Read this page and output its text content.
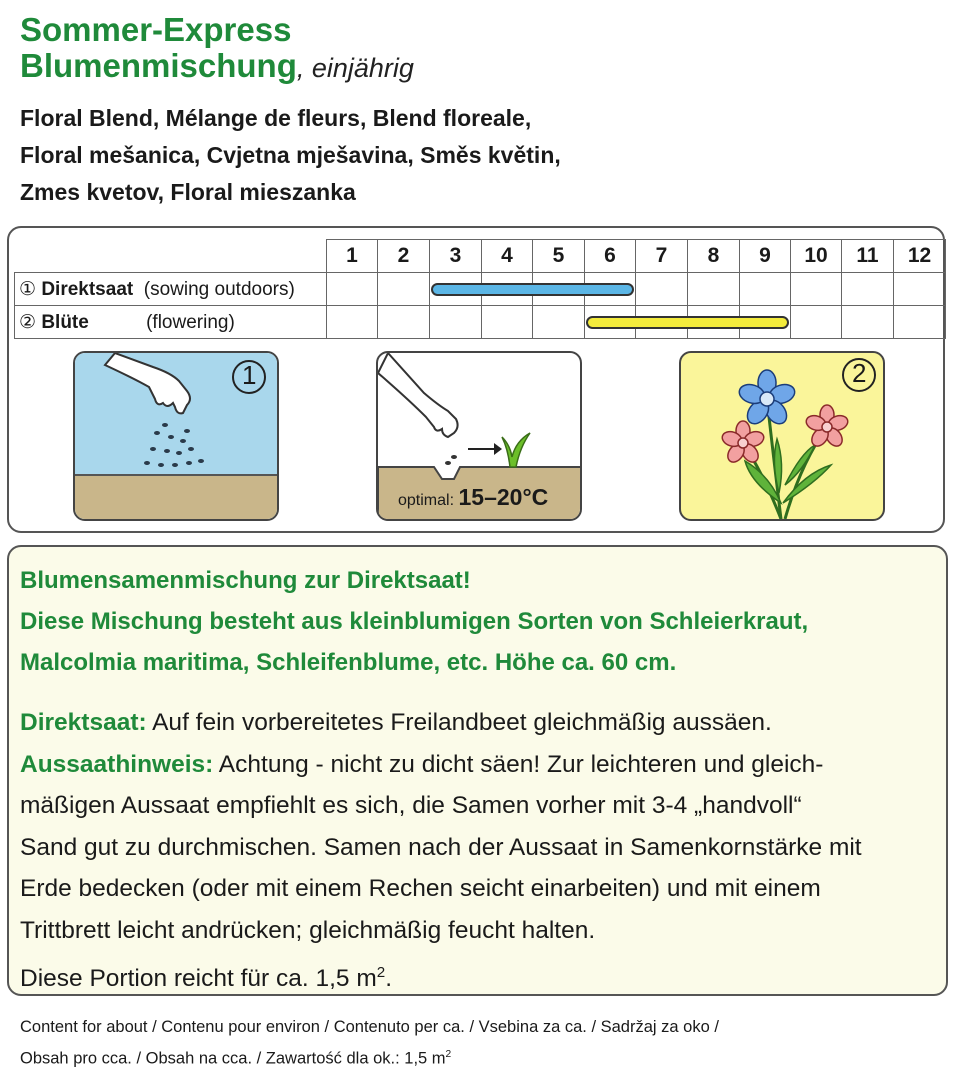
Sommer-Express
Blumenmischung, einjährig
Floral Blend, Mélange de fleurs, Blend floreale,
Floral mešanica, Cvjetna mješavina, Směs květin,
Zmes kvetov, Floral mieszanka
	1	2	3	4	5	6	7	8	9	10	11	12
① Direktsaat (sowing outdoors)												
② Blüte (flowering)												
1
optimal: 15–20°C
2
Blumensamenmischung zur Direktsaat!
Diese Mischung besteht aus kleinblumigen Sorten von Schleierkraut,
Malcolmia maritima, Schleifenblume, etc. Höhe ca. 60 cm.
Direktsaat: Auf fein vorbereitetes Freilandbeet gleichmäßig aussäen.
Aussaathinweis: Achtung - nicht zu dicht säen! Zur leichteren und gleich-
mäßigen Aussaat empfiehlt es sich, die Samen vorher mit 3-4 „handvoll“
Sand gut zu durchmischen. Samen nach der Aussaat in Samenkornstärke mit
Erde bedecken (oder mit einem Rechen seicht einarbeiten) und mit einem
Trittbrett leicht andrücken; gleichmäßig feucht halten.
Diese Portion reicht für ca. 1,5 $m^2$.
Content for about / Contenu pour environ / Contenuto per ca. / Vsebina za ca. / Sadržaj za oko /
Obsah pro cca. / Obsah na cca. / Zawartość dla ok.: 1,5 $m^2$
